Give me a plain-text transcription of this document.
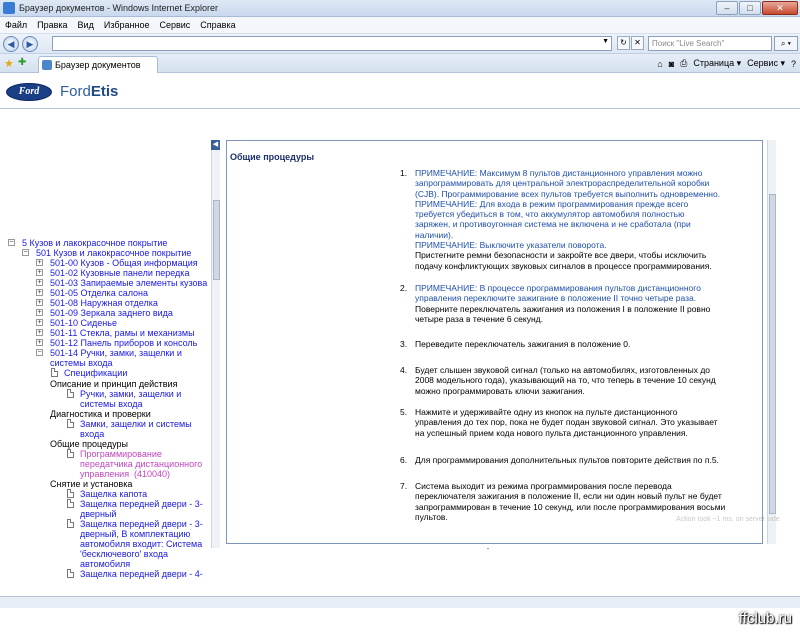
Браузер документов - Windows Internet Explorer	–	□	✕
Файл Правка Вид Избранное Сервис Справка
◀	▶	▼	↻ ✕	Поиск "Live Search"	⌕ ▾
★ ✚	Браузер документов	⌂ ◙ ⎙ Страница ▾ Сервис ▾ ?
Ford	FordEtis
− 5 Кузов и лакокрасочное покрытие
− 501 Кузов и лакокрасочное покрытие
+ 501-00 Кузов - Общая информация
+ 501-02 Кузовные панели передка
+ 501-03 Запираемые элементы кузова
+ 501-05 Отделка салона
+ 501-08 Наружная отделка
+ 501-09 Зеркала заднего вида
+ 501-10 Сиденье
+ 501-11 Стекла, рамы и механизмы
+ 501-12 Панель приборов и консоль
− 501-14 Ручки, замки, защелки и
системы входа
Спецификации
Описание и принцип действия
Ручки, замки, защелки и
системы входа
Диагностика и проверки
Замки, защелки и системы
входа
Общие процедуры
Программирование
передатчика дистанционного
управления (410040)
Снятие и установка
Защелка капота
Защелка передней двери - 3-
дверный
Защелка передней двери - 3-
дверный, В комплектацию
автомобиля входит: Система
'бесключевого' входа
автомобиля
Защелка передней двери - 4-
◀
Общие процедуры
1. ПРИМЕЧАНИЕ: Максимум 8 пультов дистанционного управления можно
запрограммировать для центральной электрораспределительной коробки
(CJB). Программирование всех пультов требуется выполнить одновременно.
ПРИМЕЧАНИЕ: Для входа в режим программирования прежде всего
требуется убедиться в том, что аккумулятор автомобиля полностью
заряжен, и противоугонная система не включена и не сработала (при
наличии).
ПРИМЕЧАНИЕ: Выключите указатели поворота.
Пристегните ремни безопасности и закройте все двери, чтобы исключить
подачу конфликтующих звуковых сигналов в процессе программирования.
2. ПРИМЕЧАНИЕ: В процессе программирования пультов дистанционного
управления переключите зажигание в положение II точно четыре раза.
Поверните переключатель зажигания из положения I в положение II ровно
четыре раза в течение 6 секунд.
3. Переведите переключатель зажигания в положение 0.
4. Будет слышен звуковой сигнал (только на автомобилях, изготовленных до
2008 модельного года), указывающий на то, что теперь в течение 10 секунд
можно программировать ключи зажигания.
5. Нажмите и удерживайте одну из кнопок на пульте дистанционного
управления до тех пор, пока не будет подан звуковой сигнал. Это указывает
на успешный прием кода нового пульта дистанционного управления.
6. Для программирования дополнительных пультов повторите действия по п.5.
7. Система выходит из режима программирования после перевода
переключателя зажигания в положение II, если ни один новый пульт не будет
запрограммирован в течение 10 секунд, или после программирования восьми
пультов.	Action took ~1 ms. on server side
ffclub.ru
